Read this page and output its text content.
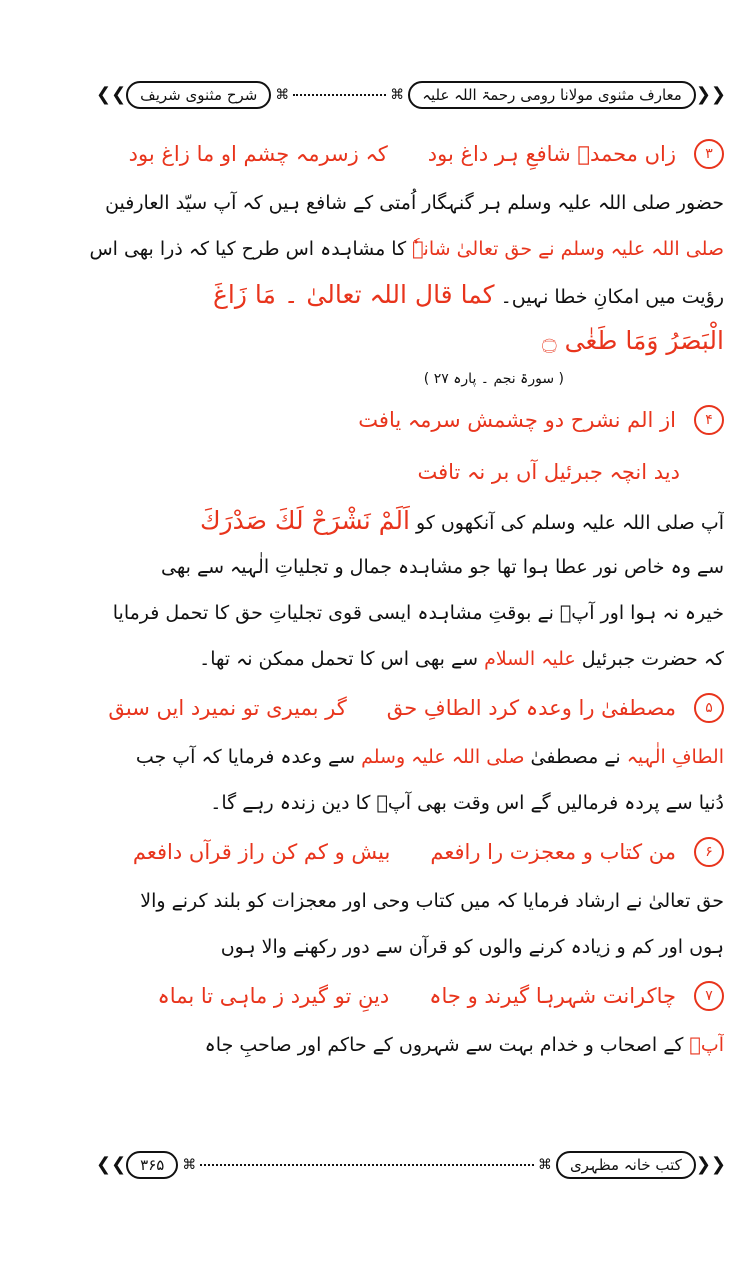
❮❮ شرح مثنوی شریف	⌘	⌘	معارف مثنوی مولانا رومی رحمۃ اللہ علیہ ❯❯
۳
زاں محمدؐ شافعِ ہر داغ بود
کہ زسرمہ چشم او ما زاغ بود
حضور صلی اللہ علیہ وسلم ہر گنہگار اُمتی کے شافع ہیں کہ آپ سیّد العارفین
صلی اللہ علیہ وسلم نے حق تعالیٰ شانہٗ کا مشاہدہ اس طرح کیا کہ ذرا بھی اس
رؤیت میں امکانِ خطا نہیں۔ کما قال اللہ تعالیٰ ۔ مَا زَاغَ
الْبَصَرُ وَمَا طَغٰی ۝
( سورۃ نجم ۔ پارہ ۲۷ )
۴
از الم نشرح دو چشمش سرمہ یافت
دید انچہ جبرئیل آں بر نہ تافت
آپ صلی اللہ علیہ وسلم کی آنکھوں کو اَلَمْ نَشْرَحْ لَكَ صَدْرَكَ
سے وہ خاص نور عطا ہوا تھا جو مشاہدہ جمال و تجلیاتِ الٰہیہ سے بھی
خیرہ نہ ہوا اور آپؐ نے بوقتِ مشاہدہ ایسی قوی تجلیاتِ حق کا تحمل فرمایا
کہ حضرت جبرئیل علیہ السلام سے بھی اس کا تحمل ممکن نہ تھا۔
۵
مصطفیٰ را وعدہ کرد الطافِ حق
گر بمیری تو نمیرد ایں سبق
الطافِ الٰہیہ نے مصطفیٰ صلی اللہ علیہ وسلم سے وعدہ فرمایا کہ آپ جب
دُنیا سے پردہ فرمالیں گے اس وقت بھی آپؐ کا دین زندہ رہے گا۔
۶
من کتاب و معجزت را رافعم
بیش و کم کن راز قرآں دافعم
حق تعالیٰ نے ارشاد فرمایا کہ میں کتاب وحی اور معجزات کو بلند کرنے والا
ہوں اور کم و زیادہ کرنے والوں کو قرآن سے دور رکھنے والا ہوں
۷
چاکرانت شہرہا گیرند و جاہ
دینِ تو گیرد ز ماہی تا بماہ
آپؐ کے اصحاب و خدام بہت سے شہروں کے حاکم اور صاحبِ جاہ
❮❮ ۳۶۵	⌘	⌘	کتب خانہ مظہری ❯❯
